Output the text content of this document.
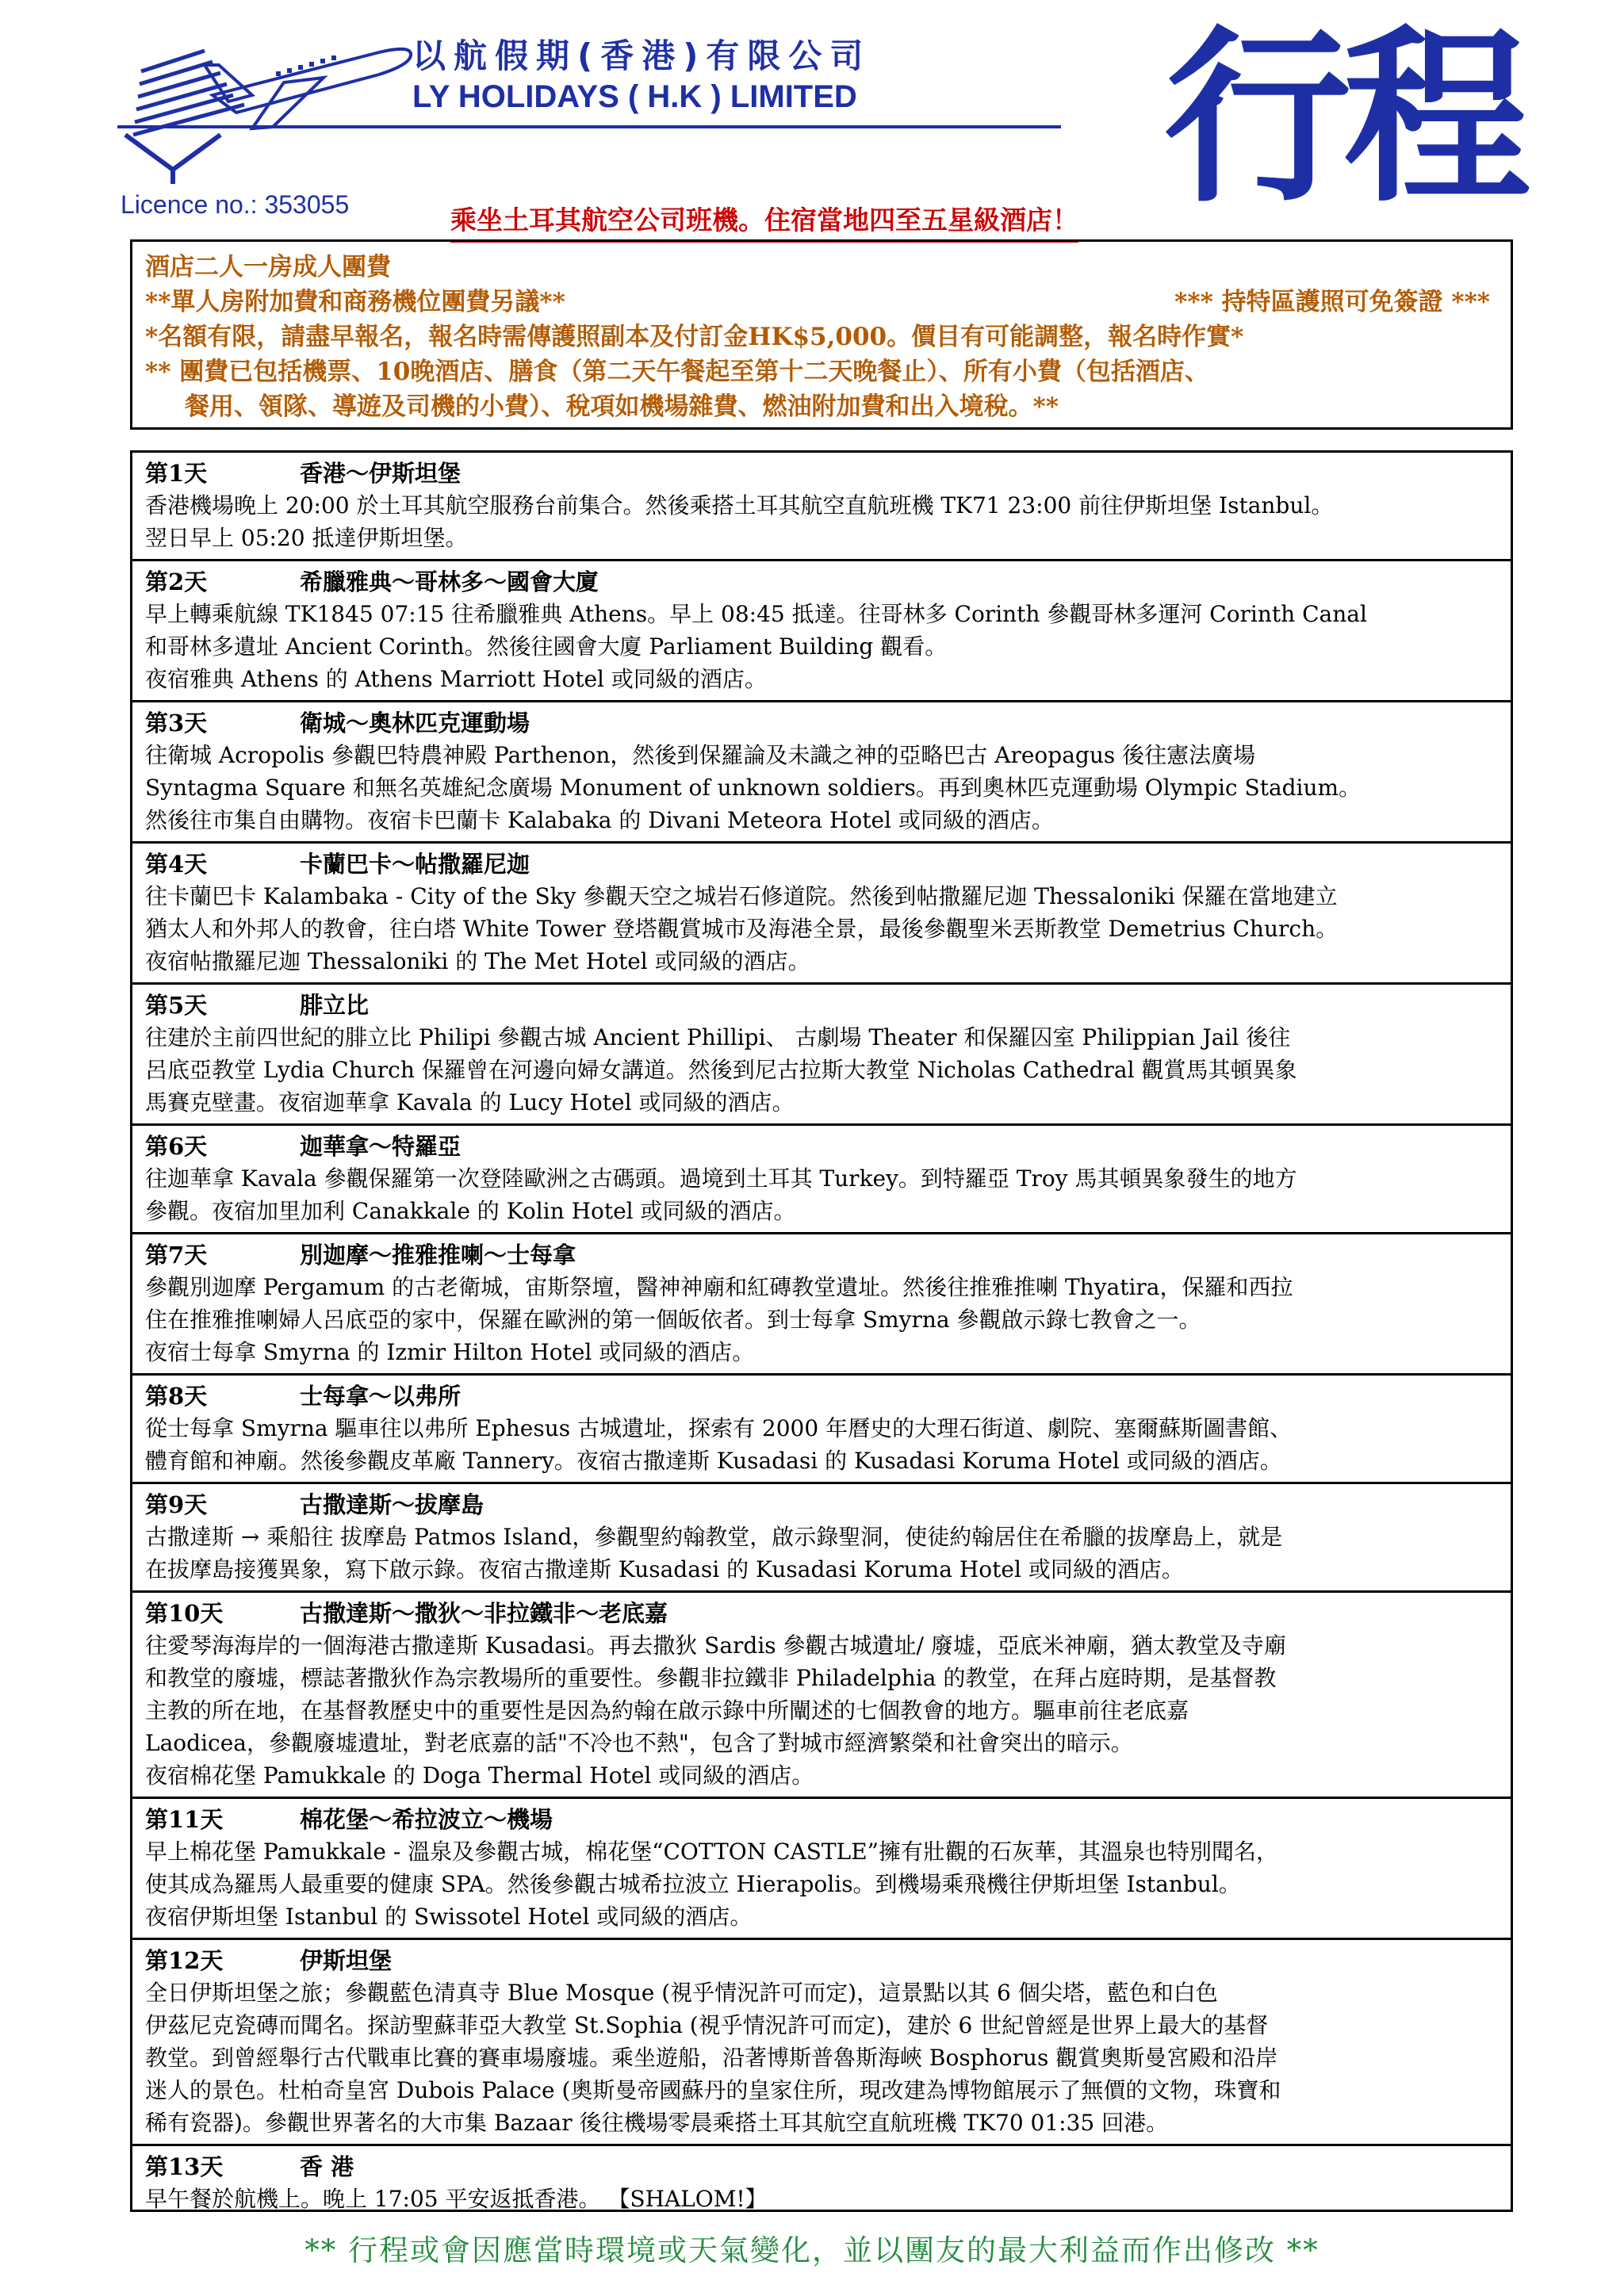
以航假期(香港)有限公司
LY HOLIDAYS ( H.K ) LIMITED 行程
Licence no.: 353055	乘坐土耳其航空公司班機。住宿當地四至五星級酒店！
酒店二人一房成人團費
**單人房附加費和商務機位團費另議**	*** 持特區護照可免簽證 ***
*名額有限，請盡早報名，報名時需傳護照副本及付訂金HK$5,000。價目有可能調整，報名時作實*
** 團費已包括機票、10晚酒店、膳食（第二天午餐起至第十二天晚餐止）、所有小費（包括酒店、
餐用、領隊、導遊及司機的小費）、稅項如機場雜費、燃油附加費和出入境稅。**
第1天	香港～伊斯坦堡

香港機場晚上 20:00 於土耳其航空服務台前集合。然後乘搭土耳其航空直航班機 TK71 23:00 前往伊斯坦堡 Istanbul。

翌日早上 05:20 抵達伊斯坦堡。

第2天	希臘雅典～哥林多～國會大廈

早上轉乘航線 TK1845 07:15 往希臘雅典 Athens。早上 08:45 抵達。往哥林多 Corinth 參觀哥林多運河 Corinth Canal

和哥林多遺址 Ancient Corinth。然後往國會大廈 Parliament Building 觀看。

夜宿雅典 Athens 的 Athens Marriott Hotel 或同級的酒店。

第3天	衛城～奧林匹克運動場

往衛城 Acropolis 參觀巴特農神殿 Parthenon，然後到保羅論及未識之神的亞略巴古 Areopagus 後往憲法廣場

Syntagma Square 和無名英雄紀念廣場 Monument of unknown soldiers。再到奧林匹克運動場 Olympic Stadium。

然後往市集自由購物。夜宿卡巴蘭卡 Kalabaka 的 Divani Meteora Hotel 或同級的酒店。

第4天	卡蘭巴卡～帖撒羅尼迦

往卡蘭巴卡 Kalambaka - City of the Sky 參觀天空之城岩石修道院。然後到帖撒羅尼迦 Thessaloniki 保羅在當地建立

猶太人和外邦人的教會，往白塔 White Tower 登塔觀賞城市及海港全景，最後參觀聖米丟斯教堂 Demetrius Church。

夜宿帖撒羅尼迦 Thessaloniki 的 The Met Hotel 或同級的酒店。

第5天	腓立比

往建於主前四世紀的腓立比 Philipi 參觀古城 Ancient Phillipi、 古劇場 Theater 和保羅囚室 Philippian Jail 後往

呂底亞教堂 Lydia Church 保羅曾在河邊向婦女講道。然後到尼古拉斯大教堂 Nicholas Cathedral 觀賞馬其頓異象

馬賽克壁畫。夜宿迦華拿 Kavala 的 Lucy Hotel 或同級的酒店。

第6天	迦華拿～特羅亞

往迦華拿 Kavala 參觀保羅第一次登陸歐洲之古碼頭。過境到土耳其 Turkey。到特羅亞 Troy 馬其頓異象發生的地方

參觀。夜宿加里加利 Canakkale 的 Kolin Hotel 或同級的酒店。

第7天	別迦摩～推雅推喇～士每拿

參觀別迦摩 Pergamum 的古老衛城，宙斯祭壇，醫神神廟和紅磚教堂遺址。然後往推雅推喇 Thyatira，保羅和西拉

住在推雅推喇婦人呂底亞的家中，保羅在歐洲的第一個皈依者。到士每拿 Smyrna 參觀啟示錄七教會之一。

夜宿士每拿 Smyrna 的 Izmir Hilton Hotel 或同級的酒店。

第8天	士每拿～以弗所

從士每拿 Smyrna 驅車往以弗所 Ephesus 古城遺址，探索有 2000 年曆史的大理石街道、劇院、塞爾蘇斯圖書館、

體育館和神廟。然後參觀皮革廠 Tannery。夜宿古撒達斯 Kusadasi 的 Kusadasi Koruma Hotel 或同級的酒店。

第9天	古撒達斯～拔摩島

古撒達斯 → 乘船往 拔摩島 Patmos Island，參觀聖約翰教堂，啟示錄聖洞，使徒約翰居住在希臘的拔摩島上，就是

在拔摩島接獲異象，寫下啟示錄。夜宿古撒達斯 Kusadasi 的 Kusadasi Koruma Hotel 或同級的酒店。

第10天	古撒達斯～撒狄～非拉鐵非～老底嘉

往愛琴海海岸的一個海港古撒達斯 Kusadasi。再去撒狄 Sardis 參觀古城遺址/ 廢墟，亞底米神廟，猶太教堂及寺廟

和教堂的廢墟，標誌著撒狄作為宗教場所的重要性。參觀非拉鐵非 Philadelphia 的教堂，在拜占庭時期，是基督教

主教的所在地，在基督教歷史中的重要性是因為約翰在啟示錄中所闡述的七個教會的地方。驅車前往老底嘉

Laodicea，參觀廢墟遺址，對老底嘉的話"不冷也不熱"，包含了對城市經濟繁榮和社會突出的暗示。

夜宿棉花堡 Pamukkale 的 Doga Thermal Hotel 或同級的酒店。

第11天	棉花堡～希拉波立～機場

早上棉花堡 Pamukkale - 溫泉及參觀古城，棉花堡“COTTON CASTLE”擁有壯觀的石灰華，其溫泉也特別聞名，

使其成為羅馬人最重要的健康 SPA。然後參觀古城希拉波立 Hierapolis。到機場乘飛機往伊斯坦堡 Istanbul。

夜宿伊斯坦堡 Istanbul 的 Swissotel Hotel 或同級的酒店。

第12天	伊斯坦堡

全日伊斯坦堡之旅；參觀藍色清真寺 Blue Mosque (視乎情況許可而定)，這景點以其 6 個尖塔，藍色和白色

伊茲尼克瓷磚而聞名。探訪聖蘇菲亞大教堂 St.Sophia (視乎情況許可而定)，建於 6 世紀曾經是世界上最大的基督

教堂。到曾經舉行古代戰車比賽的賽車場廢墟。乘坐遊船，沿著博斯普魯斯海峽 Bosphorus 觀賞奧斯曼宮殿和沿岸

迷人的景色。杜柏奇皇宮 Dubois Palace (奧斯曼帝國蘇丹的皇家住所，現改建為博物館展示了無價的文物，珠寶和

稀有瓷器)。參觀世界著名的大市集 Bazaar 後往機場零晨乘搭土耳其航空直航班機 TK70 01:35 回港。

第13天	香 港

早午餐於航機上。晚上 17:05 平安返抵香港。 【SHALOM!】

** 行程或會因應當時環境或天氣變化，並以團友的最大利益而作出修改 **
